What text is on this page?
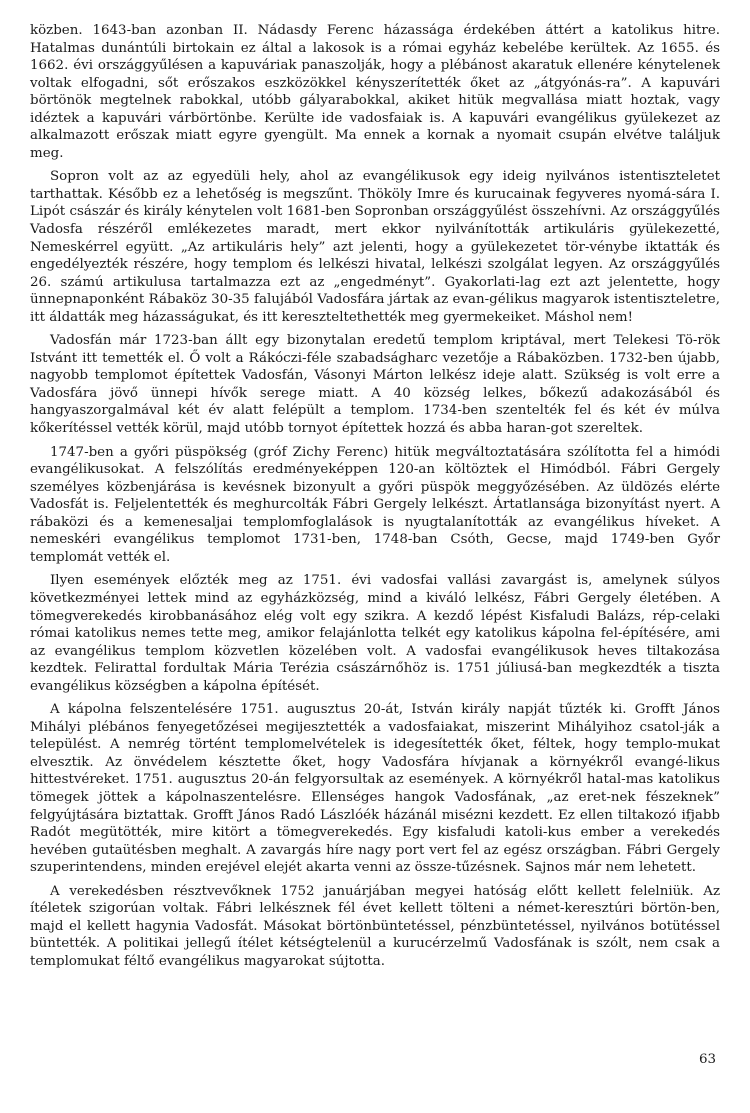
közben. 1643-ban azonban II. Nádasdy Ferenc házassága érdekében áttért a katolikus hitre. Hatalmas dunántúli birtokain ez által a lakosok is a római egyház kebelébe kerültek. Az 1655. és 1662. évi országgyűlésen a kapuváriak panaszolják, hogy a plébánost akaratuk ellenére kénytelenek voltak elfogadni, sőt erőszakos eszközökkel kényszerítették őket az „átgyónás-ra”. A kapuvári börtönök megtelnek rabokkal, utóbb gályarabokkal, akiket hitük megvallása miatt hoztak, vagy idéztek a kapuvári várbörtönbe. Kerülte ide vadosfaiak is. A kapuvári evangélikus gyülekezet az alkalmazott erőszak miatt egyre gyengült. Ma ennek a kornak a nyomait csupán elvétve találjuk meg.

Sopron volt az az egyedüli hely, ahol az evangélikusok egy ideig nyilvános istentiszteletet tarthattak. Később ez a lehetőség is megszűnt. Thököly Imre és kurucainak fegyveres nyomá-sára I. Lipót császár és király kénytelen volt 1681-ben Sopronban országgyűlést összehívni. Az országgyűlés Vadosfa részéről emlékezetes maradt, mert ekkor nyilvánították artikuláris gyülekezetté, Nemeskérrel együtt. „Az artikuláris hely” azt jelenti, hogy a gyülekezetet tör-vénybe iktatták és engedélyezték részére, hogy templom és lelkészi hivatal, lelkészi szolgálat legyen. Az országgyűlés 26. számú artikulusa tartalmazza ezt az „engedményt”. Gyakorlati-lag ezt azt jelentette, hogy ünnepnaponként Rábaköz 30-35 falujából Vadosfára jártak az evan-gélikus magyarok istentiszteletre, itt áldatták meg házasságukat, és itt kereszteltethették meg gyermekeiket. Máshol nem!

Vadosfán már 1723-ban állt egy bizonytalan eredetű templom kriptával, mert Telekesi Tö-rök Istvánt itt temették el. Ő volt a Rákóczi-féle szabadságharc vezetője a Rábaközben. 1732-ben újabb, nagyobb templomot építettek Vadosfán, Vásonyi Márton lelkész ideje alatt. Szükség is volt erre a Vadosfára jövő ünnepi hívők serege miatt. A 40 község lelkes, bőkezű adakozásából és hangyaszorgalmával két év alatt felépült a templom. 1734-ben szentelték fel és két év múlva kőkerítéssel vették körül, majd utóbb tornyot építettek hozzá és abba haran-got szereltek.

1747-ben a győri püspökség (gróf Zichy Ferenc) hitük megváltoztatására szólította fel a himódi evangélikusokat. A felszólítás eredményeképpen 120-an költöztek el Himódból. Fábri Gergely személyes közbenjárása is kevésnek bizonyult a győri püspök meggyőzésében. Az üldözés elérte Vadosfát is. Feljelentették és meghurcolták Fábri Gergely lelkészt. Ártatlansága bizonyítást nyert. A rábaközi és a kemenesaljai templomfoglalások is nyugtalanították az evangélikus híveket. A nemeskéri evangélikus templomot 1731-ben, 1748-ban Csóth, Gecse, majd 1749-ben Győr templomát vették el.

Ilyen események előzték meg az 1751. évi vadosfai vallási zavargást is, amelynek súlyos következményei lettek mind az egyházközség, mind a kiváló lelkész, Fábri Gergely életében. A tömegverekedés kirobbanásához elég volt egy szikra. A kezdő lépést Kisfaludi Balázs, rép-celaki római katolikus nemes tette meg, amikor felajánlotta telkét egy katolikus kápolna fel-építésére, ami az evangélikus templom közvetlen közelében volt. A vadosfai evangélikusok heves tiltakozása kezdtek. Felirattal fordultak Mária Terézia császárnőhöz is. 1751 júliusá-ban megkezdték a tiszta evangélikus községben a kápolna építését.

A kápolna felszentelésére 1751. augusztus 20-át, István király napját tűzték ki. Grofft János Mihályi plébános fenyegetőzései megijesztették a vadosfaiakat, miszerint Mihályihoz csatol-ják a települést. A nemrég történt templomelvételek is idegesítették őket, féltek, hogy templo-mukat elvesztik. Az önvédelem késztette őket, hogy Vadosfára hívjanak a környékről evangé-likus hittestvéreket. 1751. augusztus 20-án felgyorsultak az események. A környékről hatal-mas katolikus tömegek jöttek a kápolnaszentelésre. Ellenséges hangok Vadosfának, „az eret-nek fészeknek” felgyújtására biztattak. Grofft János Radó Lászlóék házánál misézni kezdett. Ez ellen tiltakozó ifjabb Radót megütötték, mire kitört a tömegverekedés. Egy kisfaludi katoli-kus ember a verekedés hevében gutaütésben meghalt. A zavargás híre nagy port vert fel az egész országban. Fábri Gergely szuperintendens, minden erejével elejét akarta venni az össze-tűzésnek. Sajnos már nem lehetett.

A verekedésben résztvevőknek 1752 januárjában megyei hatóság előtt kellett felelniük. Az ítéletek szigorúan voltak. Fábri lelkésznek fél évet kellett tölteni a német-keresztúri börtön-ben, majd el kellett hagynia Vadosfát. Másokat börtönbüntetéssel, pénzbüntetéssel, nyilvános botütéssel büntették. A politikai jellegű ítélet kétségtelenül a kurucérzelmű Vadosfának is szólt, nem csak a templomukat féltő evangélikus magyarokat sújtotta.

63
